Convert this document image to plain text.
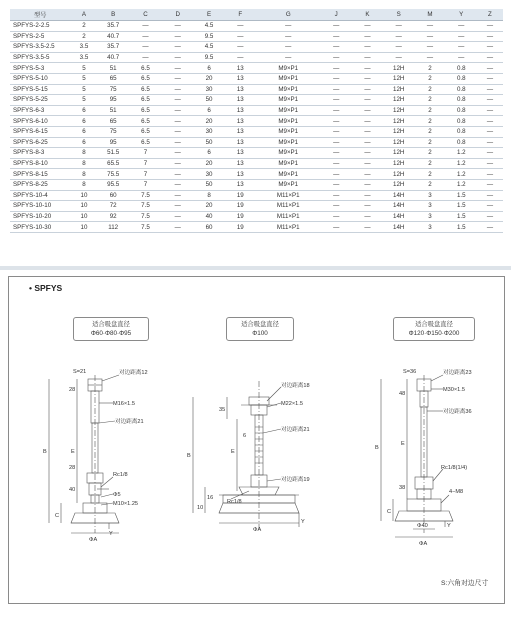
型号	A	B	C	D	E	F	G	J	K	S	M	Y	Z
SPFYS-2-2.5	2	35.7	—	—	4.5	—	—	—	—	—	—	—	—
SPFYS-2-5	2	40.7	—	—	9.5	—	—	—	—	—	—	—	—
SPFYS-3.5-2.5	3.5	35.7	—	—	4.5	—	—	—	—	—	—	—	—
SPFYS-3.5-5	3.5	40.7	—	—	9.5	—	—	—	—	—	—	—	—
SPFYS-5-3	5	51	6.5	—	6	13	M9×P1	—	—	12H	2	0.8	—
SPFYS-5-10	5	65	6.5	—	20	13	M9×P1	—	—	12H	2	0.8	—
SPFYS-5-15	5	75	6.5	—	30	13	M9×P1	—	—	12H	2	0.8	—
SPFYS-5-25	5	95	6.5	—	50	13	M9×P1	—	—	12H	2	0.8	—
SPFYS-6-3	6	51	6.5	—	6	13	M9×P1	—	—	12H	2	0.8	—
SPFYS-6-10	6	65	6.5	—	20	13	M9×P1	—	—	12H	2	0.8	—
SPFYS-6-15	6	75	6.5	—	30	13	M9×P1	—	—	12H	2	0.8	—
SPFYS-6-25	6	95	6.5	—	50	13	M9×P1	—	—	12H	2	0.8	—
SPFYS-8-3	8	51.5	7	—	6	13	M9×P1	—	—	12H	2	1.2	—
SPFYS-8-10	8	65.5	7	—	20	13	M9×P1	—	—	12H	2	1.2	—
SPFYS-8-15	8	75.5	7	—	30	13	M9×P1	—	—	12H	2	1.2	—
SPFYS-8-25	8	95.5	7	—	50	13	M9×P1	—	—	12H	2	1.2	—
SPFYS-10-4	10	60	7.5	—	8	19	M11×P1	—	—	14H	3	1.5	—
SPFYS-10-10	10	72	7.5	—	20	19	M11×P1	—	—	14H	3	1.5	—
SPFYS-10-20	10	92	7.5	—	40	19	M11×P1	—	—	14H	3	1.5	—
SPFYS-10-30	10	112	7.5	—	60	19	M11×P1	—	—	14H	3	1.5	—
• SPFYS
适合吸盘直径
Φ60·Φ80·Φ95
适合吸盘直径
Φ100
适合吸盘直径
Φ120·Φ150·Φ200
S=21	对边距离12
M16×1.5
对边距离21
28
E
B
28
40
Rc1/8
Φ5
M10×1.25
C
Y
ΦA
对边距离18
M22×1.5
对边距离21
对边距离19
35
E
B
6
Rc1/8
10
16
Y
ΦA
S=36	对边距离23
M30×1.5
对边距离36
48
E
B
38
Rc1/8(1/4)
4−M8
C
Φ40	Y
ΦA
S:六角对边尺寸
